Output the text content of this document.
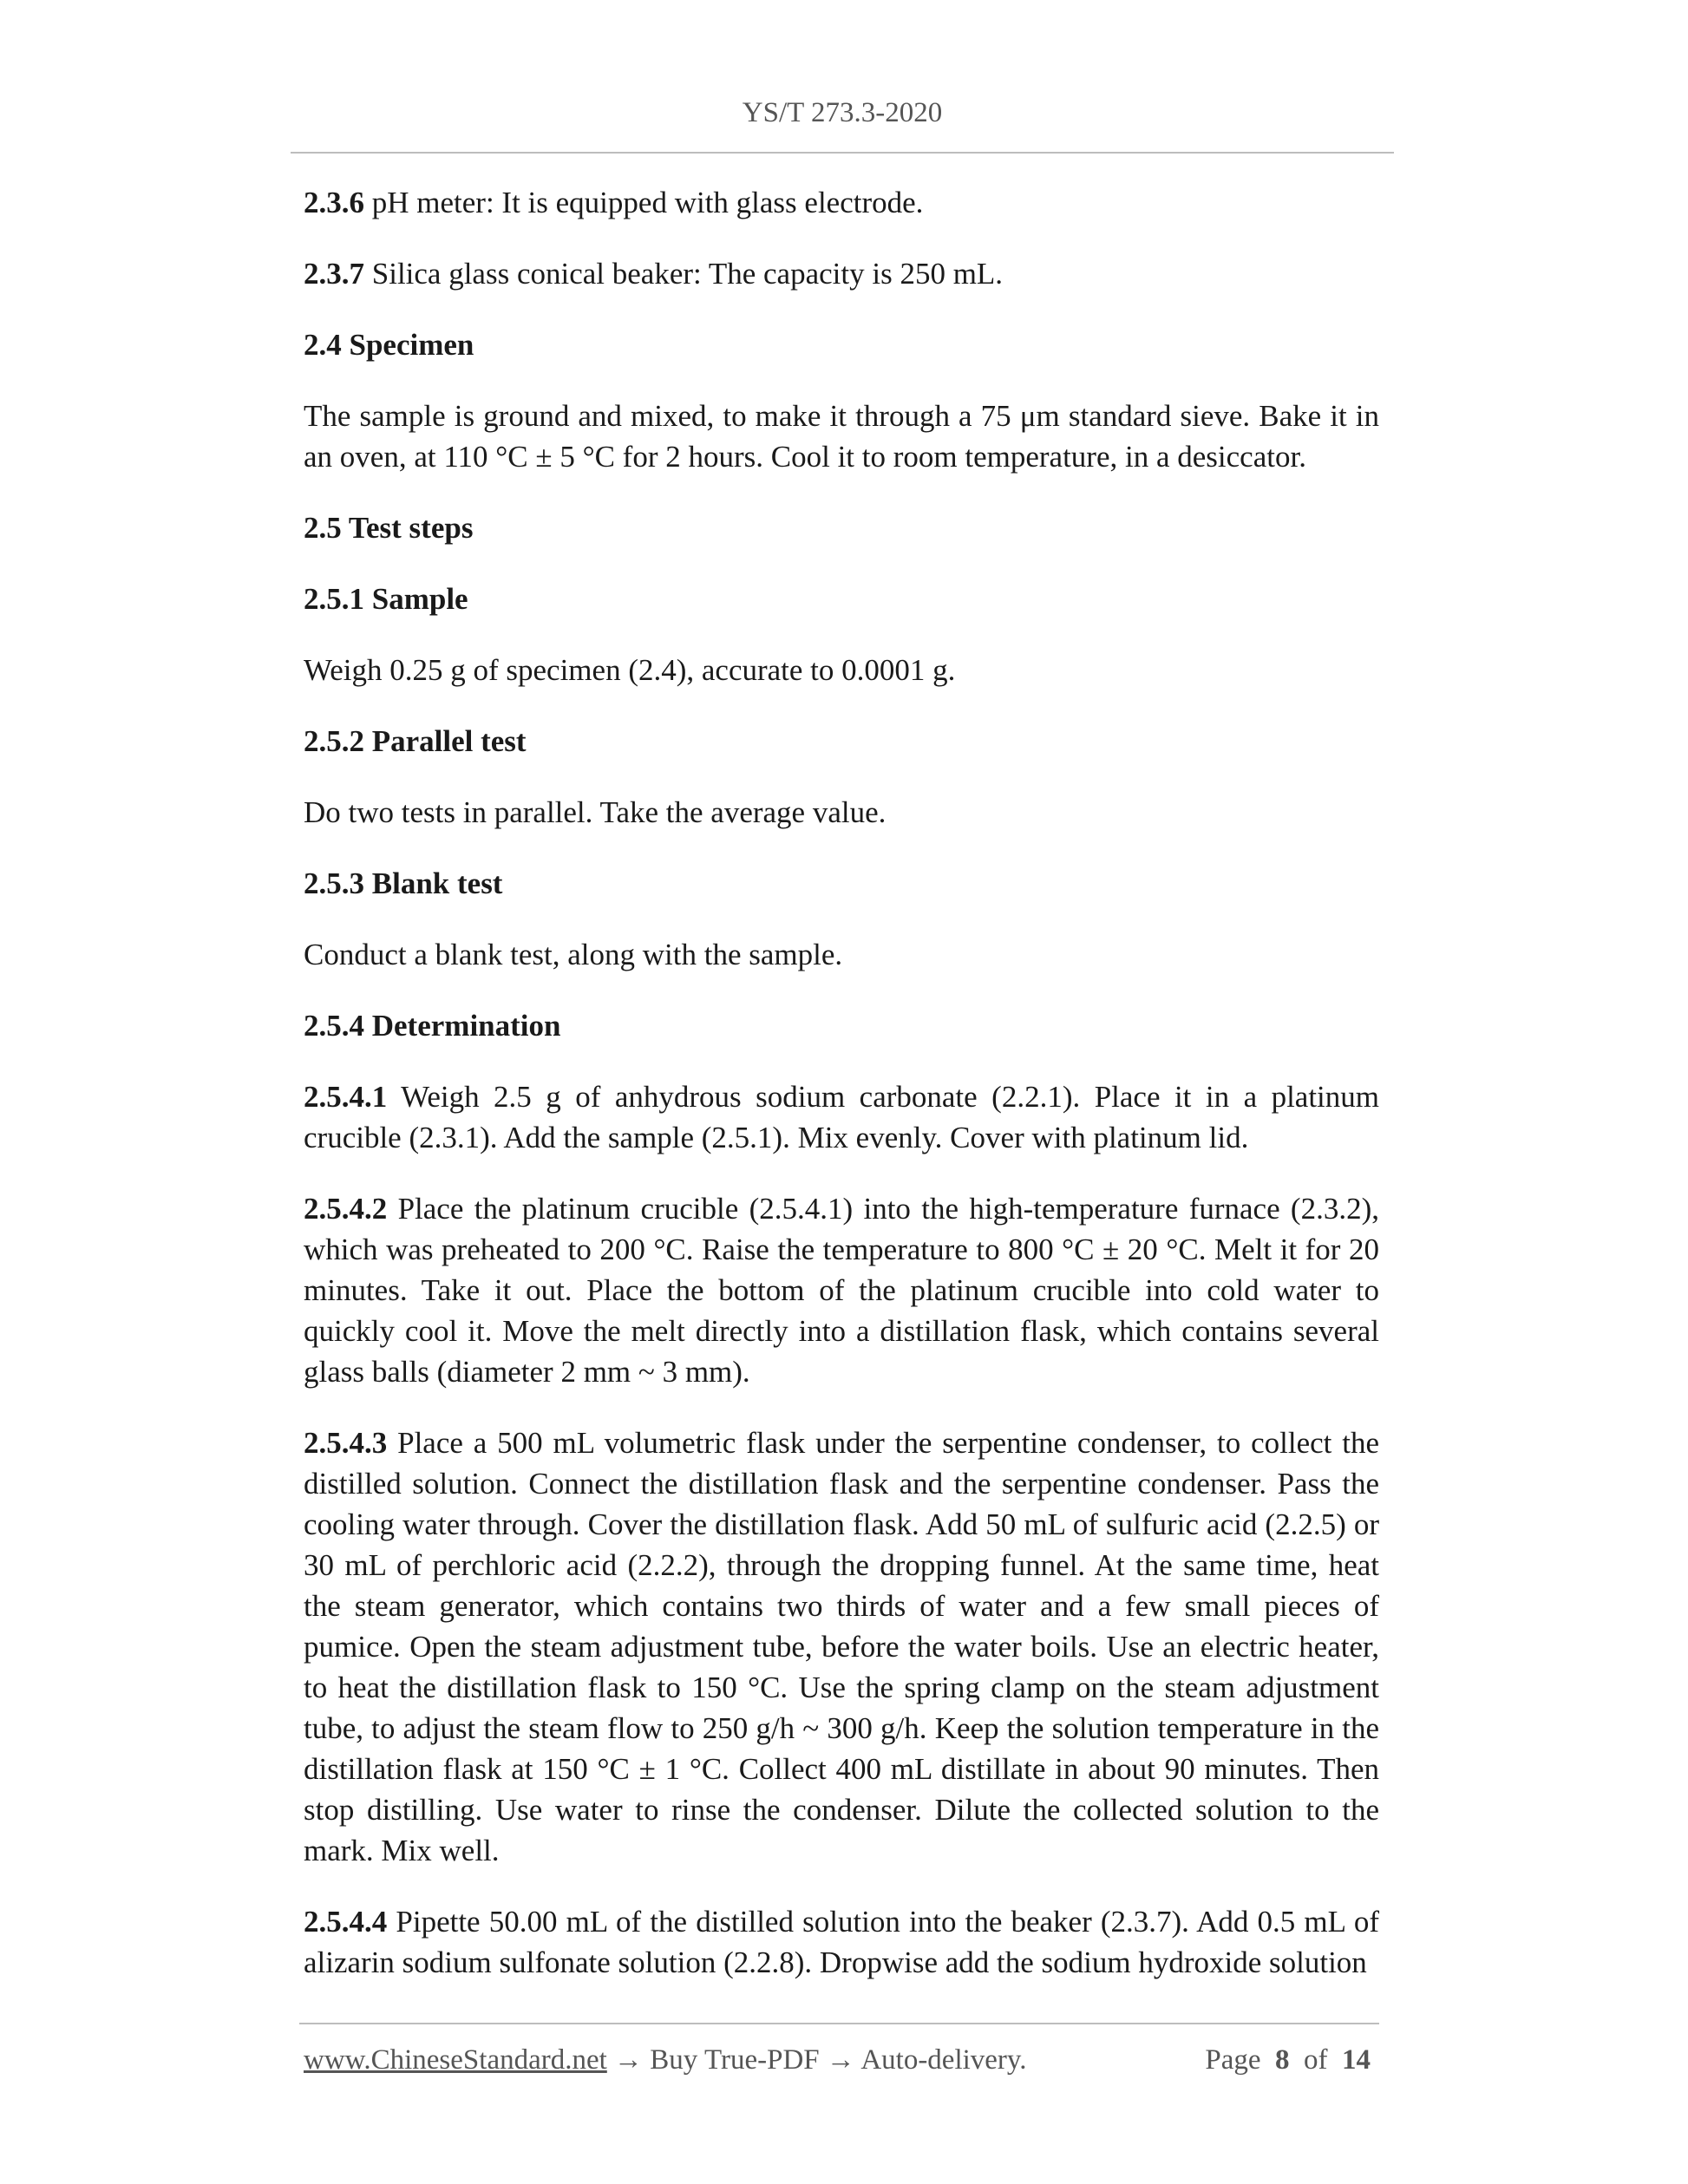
YS/T 273.3-2020

2.3.6 pH meter: It is equipped with glass electrode.

2.3.7 Silica glass conical beaker: The capacity is 250 mL.

2.4 Specimen

The sample is ground and mixed, to make it through a 75 μm standard sieve. Bake it in an oven, at 110 °C ± 5 °C for 2 hours. Cool it to room temperature, in a desiccator.

2.5 Test steps

2.5.1 Sample

Weigh 0.25 g of specimen (2.4), accurate to 0.0001 g.

2.5.2 Parallel test

Do two tests in parallel. Take the average value.

2.5.3 Blank test

Conduct a blank test, along with the sample.

2.5.4 Determination

2.5.4.1 Weigh 2.5 g of anhydrous sodium carbonate (2.2.1). Place it in a platinum crucible (2.3.1). Add the sample (2.5.1). Mix evenly. Cover with platinum lid.

2.5.4.2 Place the platinum crucible (2.5.4.1) into the high-temperature furnace (2.3.2), which was preheated to 200 °C. Raise the temperature to 800 °C ± 20 °C. Melt it for 20 minutes. Take it out. Place the bottom of the platinum crucible into cold water to quickly cool it. Move the melt directly into a distillation flask, which contains several glass balls (diameter 2 mm ~ 3 mm).

2.5.4.3 Place a 500 mL volumetric flask under the serpentine condenser, to collect the distilled solution. Connect the distillation flask and the serpentine condenser. Pass the cooling water through. Cover the distillation flask. Add 50 mL of sulfuric acid (2.2.5) or 30 mL of perchloric acid (2.2.2), through the dropping funnel. At the same time, heat the steam generator, which contains two thirds of water and a few small pieces of pumice. Open the steam adjustment tube, before the water boils. Use an electric heater, to heat the distillation flask to 150 °C. Use the spring clamp on the steam adjustment tube, to adjust the steam flow to 250 g/h ~ 300 g/h. Keep the solution temperature in the distillation flask at 150 °C ± 1 °C. Collect 400 mL distillate in about 90 minutes. Then stop distilling. Use water to rinse the condenser. Dilute the collected solution to the mark. Mix well.

2.5.4.4 Pipette 50.00 mL of the distilled solution into the beaker (2.3.7). Add 0.5 mL of alizarin sodium sulfonate solution (2.2.8). Dropwise add the sodium hydroxide solution

www.ChineseStandard.net → Buy True-PDF → Auto-delivery.	Page 8 of 14
